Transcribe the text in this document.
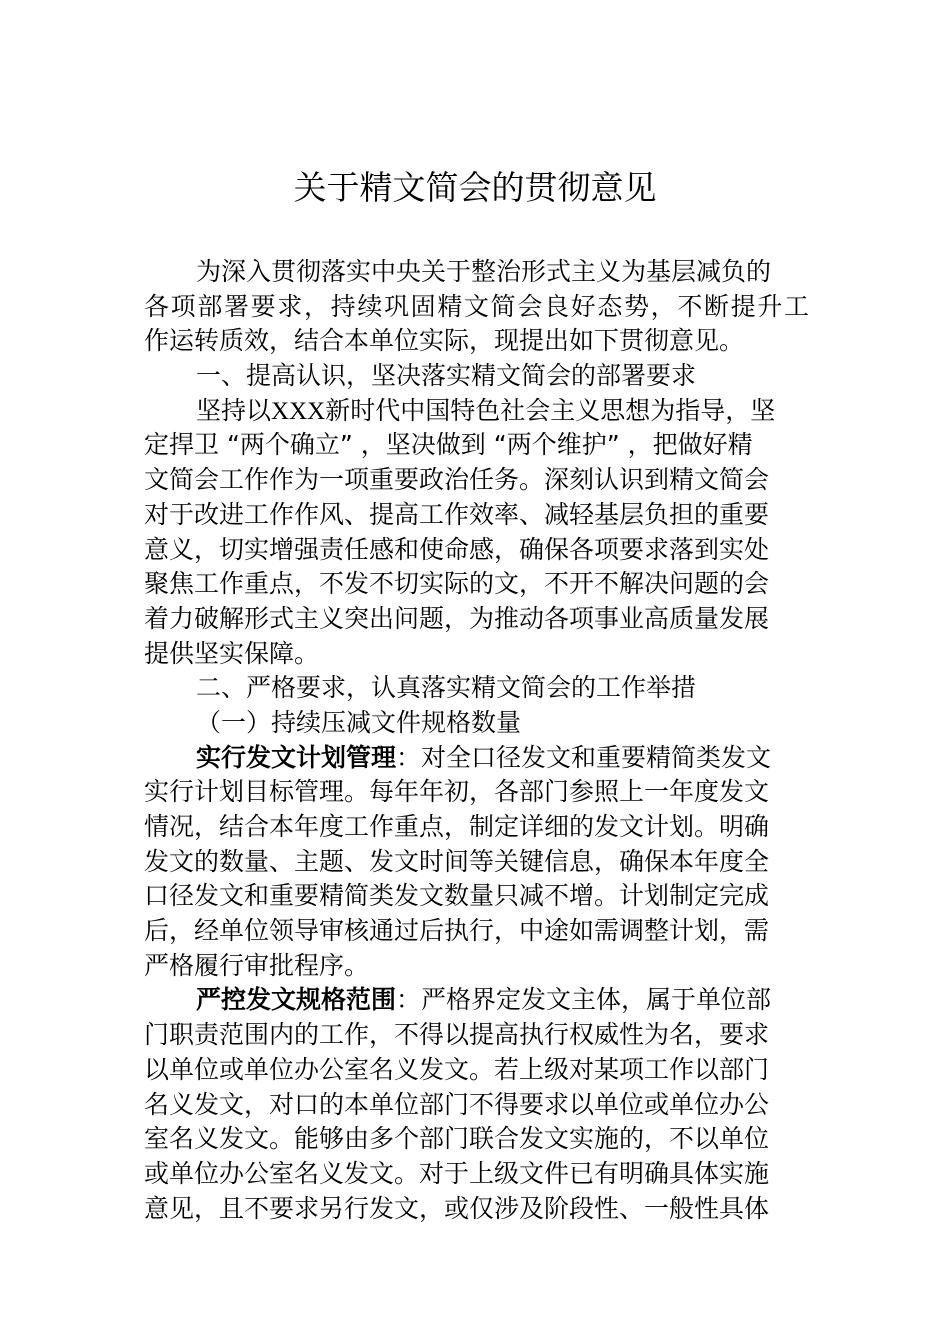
关于精文简会的贯彻意见
为深入贯彻落实中央关于整治形式主义为基层减负的
各项部署要求，持续巩固精文简会良好态势，不断提升工
作运转质效，结合本单位实际，现提出如下贯彻意见。
一、提高认识，坚决落实精文简会的部署要求
坚持以XXX新时代中国特色社会主义思想为指导，坚
定捍卫 “两个确立” ，坚决做到 “两个维护” ，把做好精
文简会工作作为一项重要政治任务。深刻认识到精文简会
对于改进工作作风、提高工作效率、减轻基层负担的重要
意义，切实增强责任感和使命感，确保各项要求落到实处
聚焦工作重点，不发不切实际的文，不开不解决问题的会
着力破解形式主义突出问题，为推动各项事业高质量发展
提供坚实保障。
二、严格要求，认真落实精文简会的工作举措
（一）持续压减文件规格数量
实行发文计划管理：对全口径发文和重要精简类发文
实行计划目标管理。每年年初，各部门参照上一年度发文
情况，结合本年度工作重点，制定详细的发文计划。明确
发文的数量、主题、发文时间等关键信息，确保本年度全
口径发文和重要精简类发文数量只减不增。计划制定完成
后，经单位领导审核通过后执行，中途如需调整计划，需
严格履行审批程序。
严控发文规格范围：严格界定发文主体，属于单位部
门职责范围内的工作，不得以提高执行权威性为名，要求
以单位或单位办公室名义发文。若上级对某项工作以部门
名义发文，对口的本单位部门不得要求以单位或单位办公
室名义发文。能够由多个部门联合发文实施的，不以单位
或单位办公室名义发文。对于上级文件已有明确具体实施
意见，且不要求另行发文，或仅涉及阶段性、一般性具体
